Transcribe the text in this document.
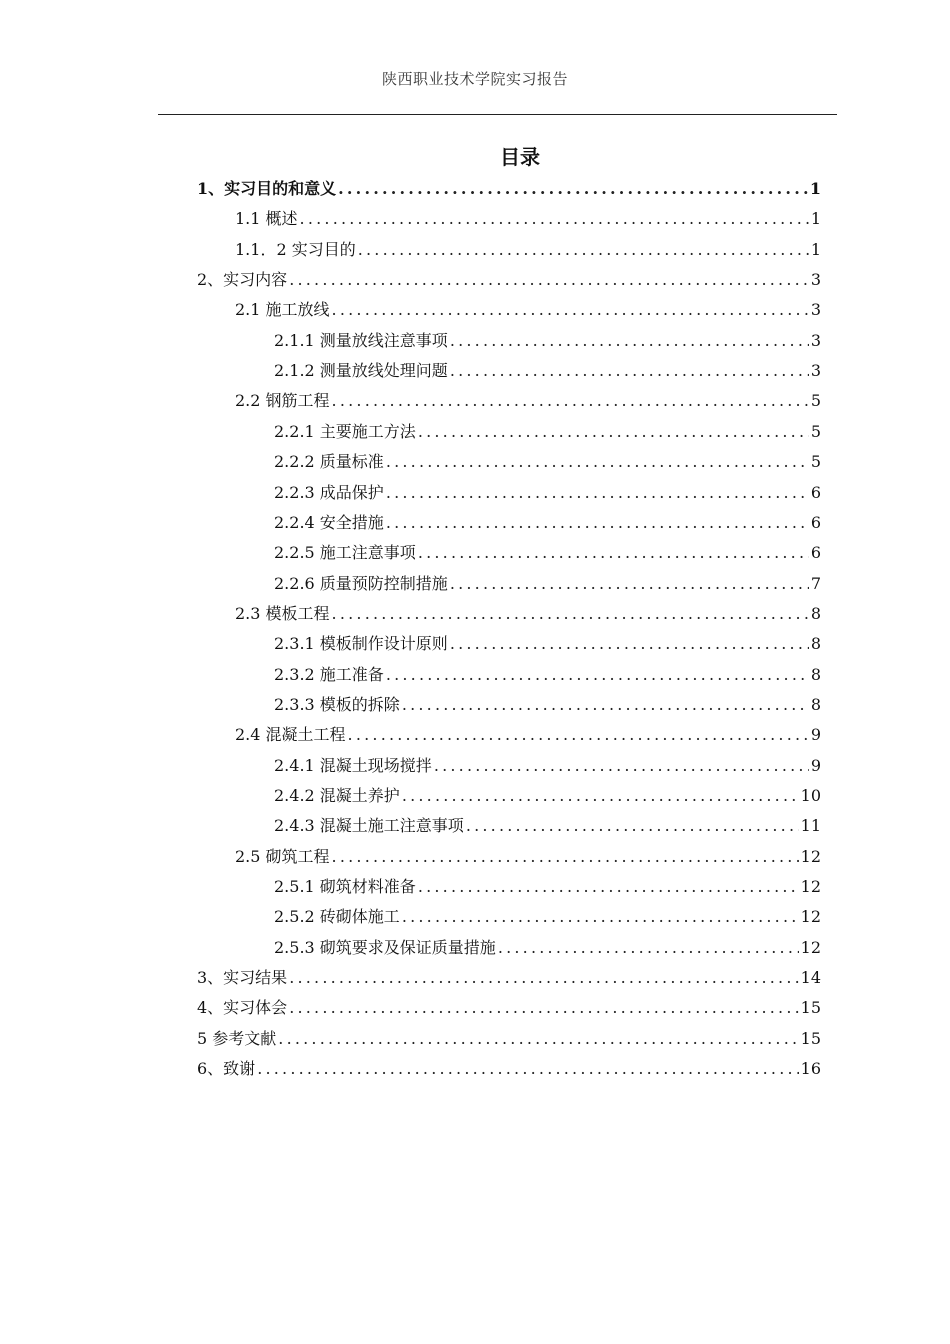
陕西职业技术学院实习报告
目录
1、实习目的和意义 .....	1
1.1 概述 .....	1
1.1．2 实习目的 .....	1
2、实习内容 .....	3
2.1 施工放线 .....	3
2.1.1 测量放线注意事项 .....	3
2.1.2 测量放线处理问题 .....	3
2.2 钢筋工程 .....	5
2.2.1 主要施工方法 .....	5
2.2.2 质量标准 .....	5
2.2.3 成品保护 .....	6
2.2.4 安全措施 .....	6
2.2.5 施工注意事项 .....	6
2.2.6 质量预防控制措施 .....	7
2.3 模板工程 .....	8
2.3.1 模板制作设计原则 .....	8
2.3.2 施工准备 .....	8
2.3.3 模板的拆除 .....	8
2.4 混凝土工程 .....	9
2.4.1 混凝土现场搅拌 .....	9
2.4.2 混凝土养护 .....	10
2.4.3 混凝土施工注意事项 .....	11
2.5 砌筑工程 .....	12
2.5.1 砌筑材料准备 .....	12
2.5.2 砖砌体施工 .....	12
2.5.3 砌筑要求及保证质量措施 .....	12
3、实习结果 .....	14
4、实习体会 .....	15
5 参考文献 .....	15
6、致谢 .....	16
